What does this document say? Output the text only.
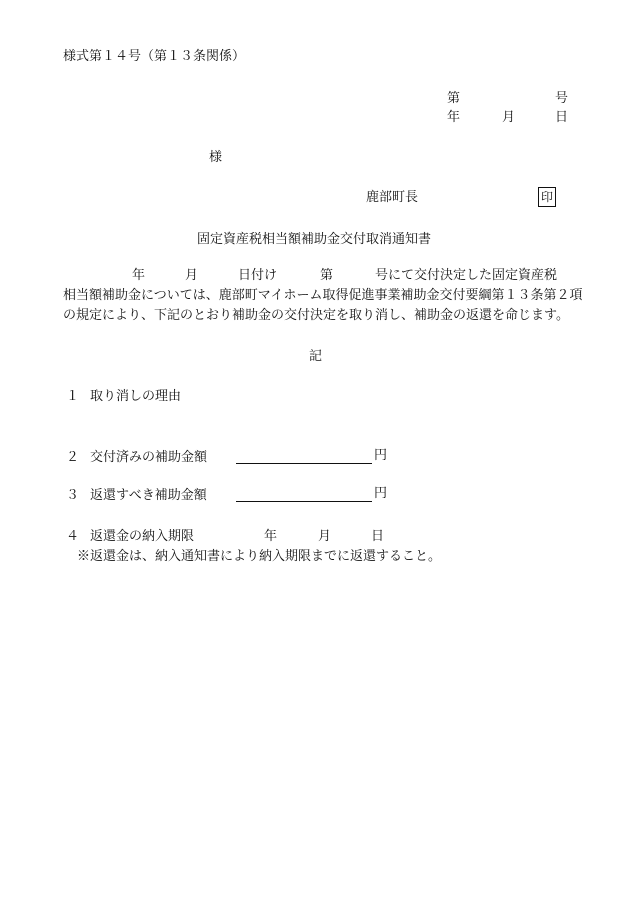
様式第１４号（第１３条関係）
第	号
年	月	日
様
鹿部町長	印
固定資産税相当額補助金交付取消通知書
年	月	日付け	第	号にて交付決定した固定資産税
相当額補助金については、鹿部町マイホーム取得促進事業補助金交付要綱第１３条第２項の規定により、下記のとおり補助金の交付決定を取り消し、補助金の返還を命じます。
記
１ 取り消しの理由
２ 交付済みの補助金額	円
３ 返還すべき補助金額	円
４ 返還金の納入期限	年	月	日
※返還金は、納入通知書により納入期限までに返還すること。
